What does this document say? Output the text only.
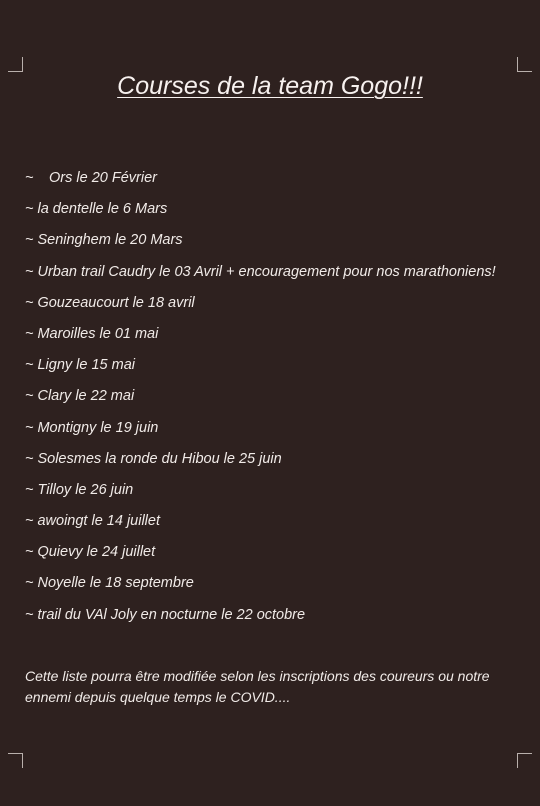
Courses de la team Gogo!!!
~ Ors le 20 Février
~ la dentelle le 6 Mars
~ Seninghem le 20 Mars
~ Urban trail Caudry le 03 Avril + encouragement pour nos marathoniens!
~ Gouzeaucourt le 18 avril
~ Maroilles le 01 mai
~ Ligny le 15 mai
~ Clary le 22 mai
~ Montigny le 19 juin
~ Solesmes la ronde du Hibou le 25 juin
~ Tilloy le 26 juin
~ awoingt le 14 juillet
~ Quievy le 24 juillet
~ Noyelle le 18 septembre
~ trail du VAl Joly en nocturne le 22 octobre

Cette liste pourra être modifiée selon les inscriptions des coureurs ou notre ennemi depuis quelque temps le COVID....
